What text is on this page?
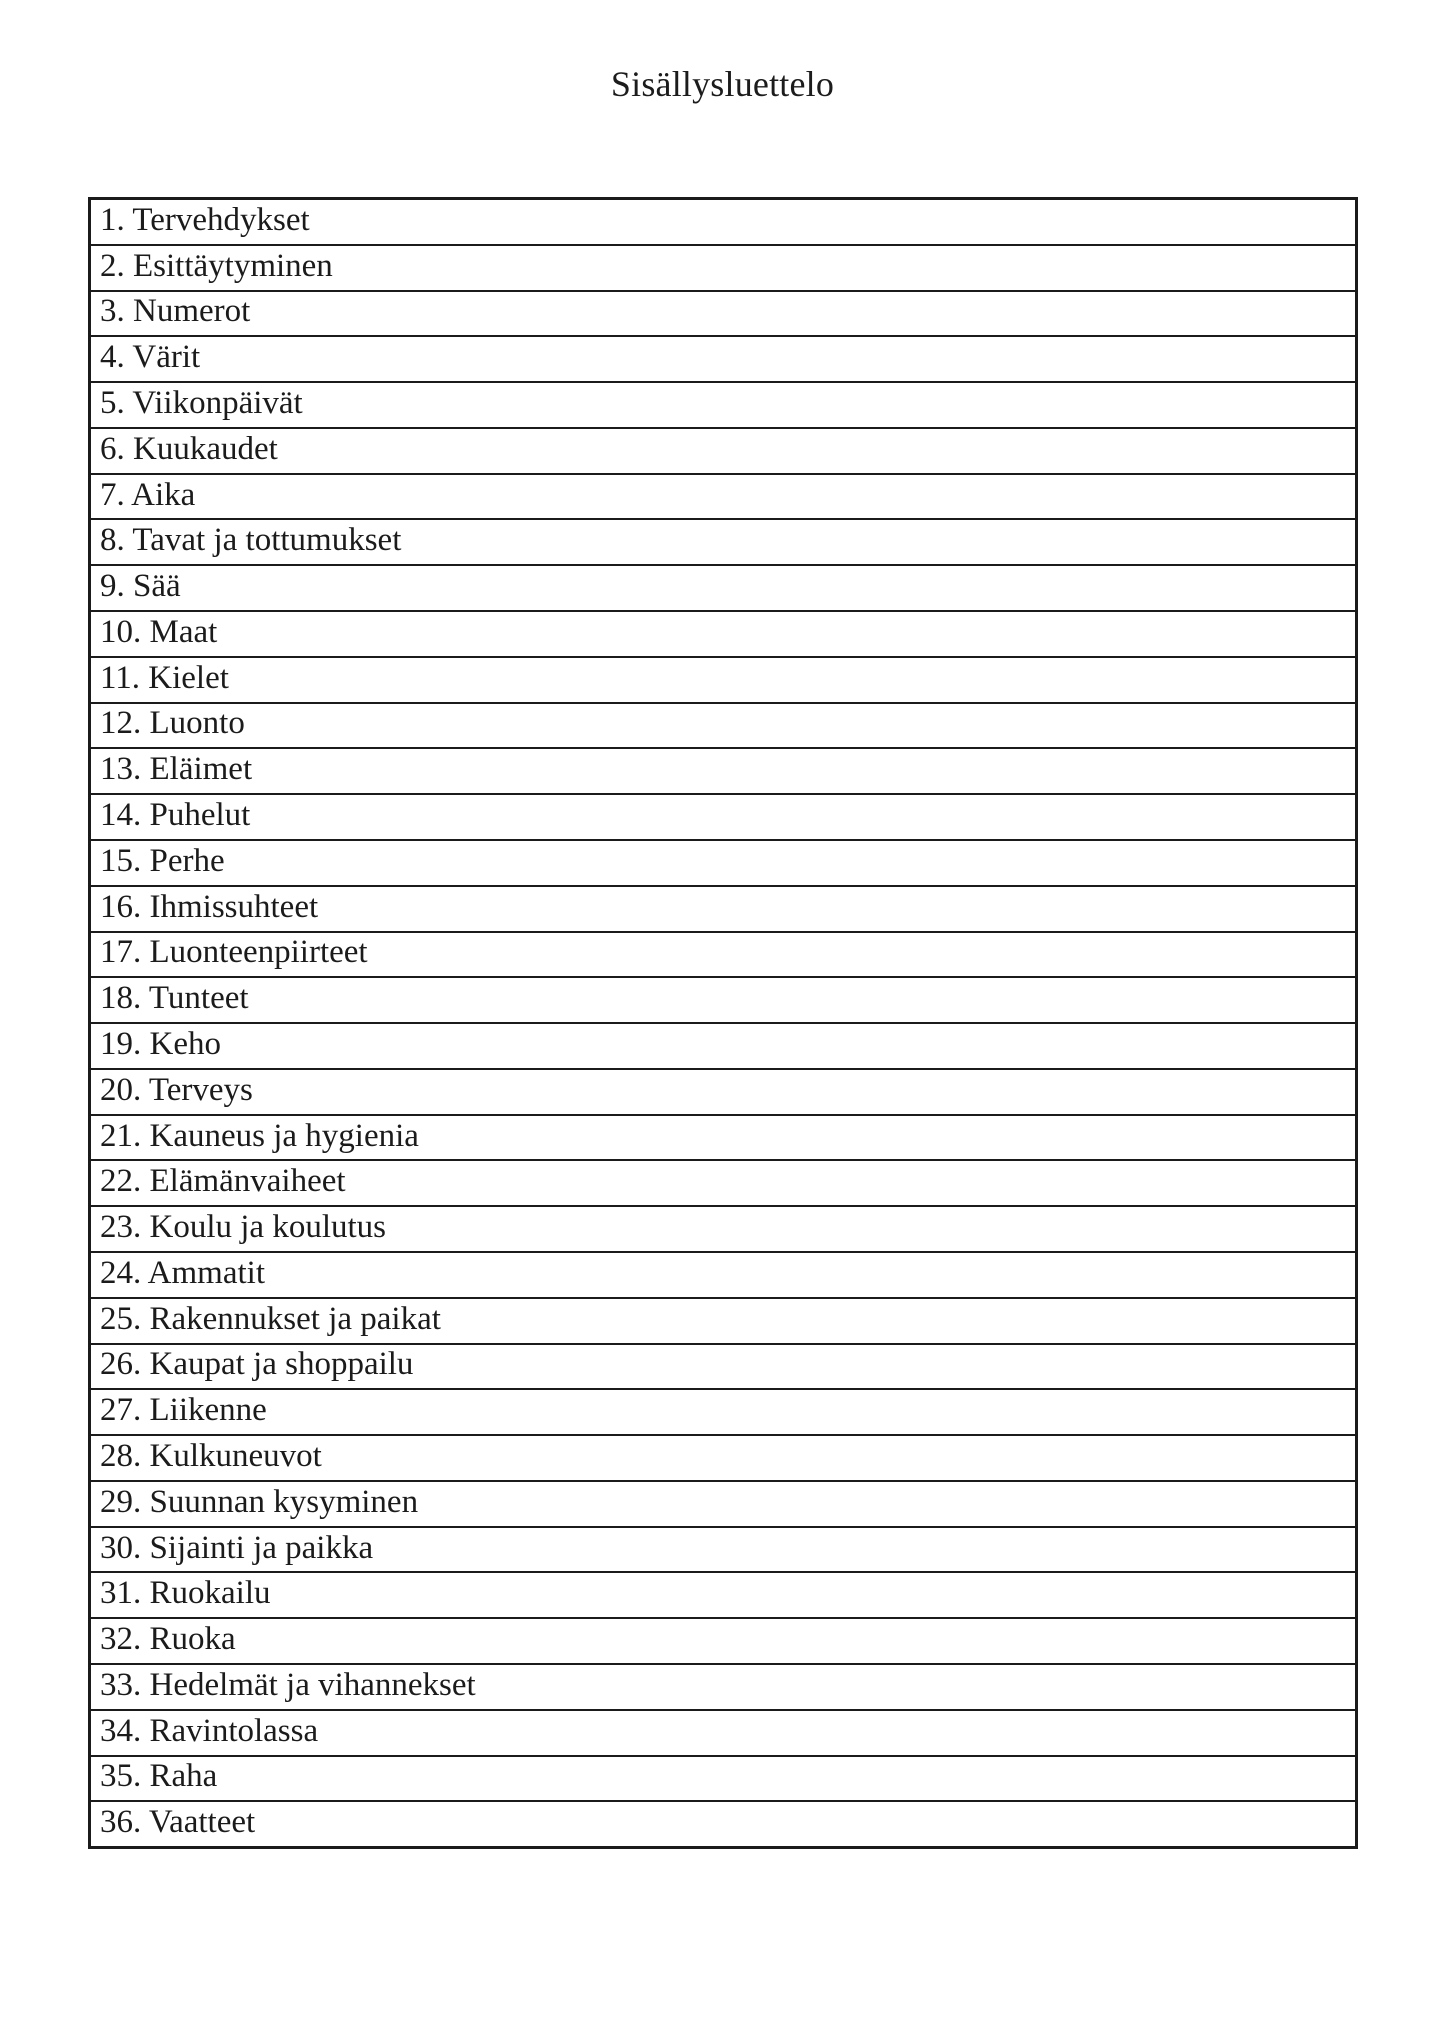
Sisällysluettelo
1. Tervehdykset
2. Esittäytyminen
3. Numerot
4. Värit
5. Viikonpäivät
6. Kuukaudet
7. Aika
8. Tavat ja tottumukset
9. Sää
10. Maat
11. Kielet
12. Luonto
13. Eläimet
14. Puhelut
15. Perhe
16. Ihmissuhteet
17. Luonteenpiirteet
18. Tunteet
19. Keho
20. Terveys
21. Kauneus ja hygienia
22. Elämänvaiheet
23. Koulu ja koulutus
24. Ammatit
25. Rakennukset ja paikat
26. Kaupat ja shoppailu
27. Liikenne
28. Kulkuneuvot
29. Suunnan kysyminen
30. Sijainti ja paikka
31. Ruokailu
32. Ruoka
33. Hedelmät ja vihannekset
34. Ravintolassa
35. Raha
36. Vaatteet
